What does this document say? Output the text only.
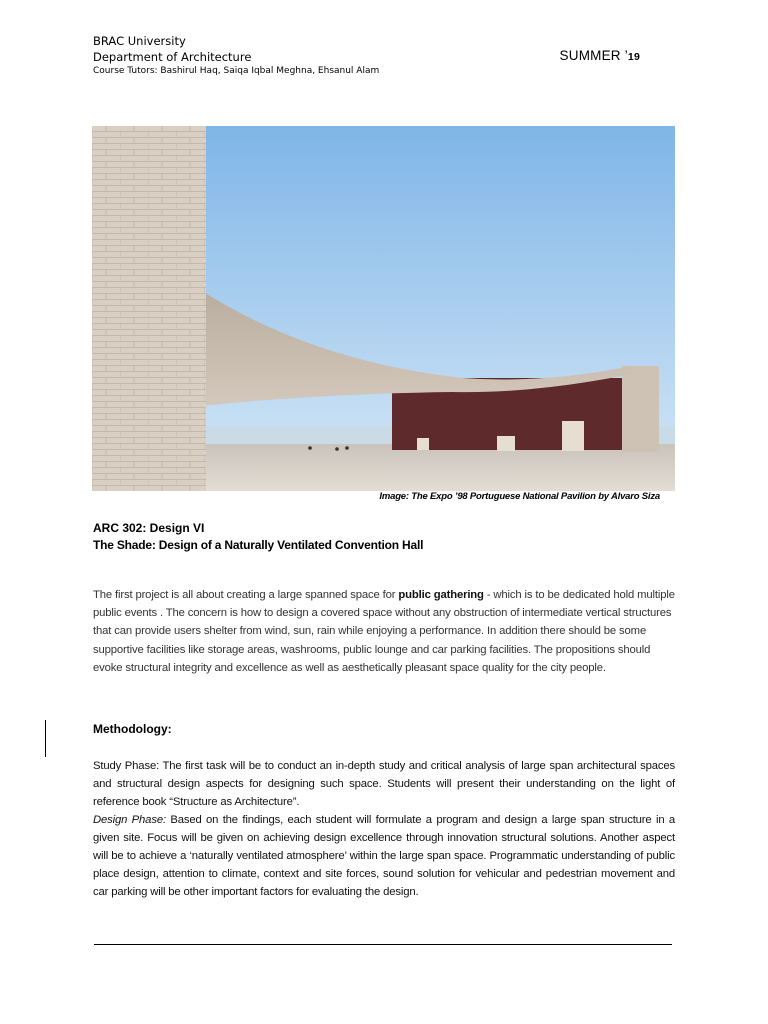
BRAC University
Department of Architecture
Course Tutors: Bashirul Haq, Saiqa Iqbal Meghna, Ehsanul Alam
SUMMER ’19
Image: The Expo ’98 Portuguese National Pavilion by Alvaro Siza
ARC 302: Design VI
The Shade: Design of a Naturally Ventilated Convention Hall
The first project is all about creating a large spanned space for public gathering - which is to be dedicated hold multiple public events . The concern is how to design a covered space without any obstruction of intermediate vertical structures that can provide users shelter from wind, sun, rain while enjoying a performance. In addition there should be some supportive facilities like storage areas, washrooms, public lounge and car parking facilities. The propositions should evoke structural integrity and excellence as well as aesthetically pleasant space quality for the city people.
Methodology:
Study Phase: The first task will be to conduct an in-depth study and critical analysis of large span architectural spaces and structural design aspects for designing such space. Students will present their understanding on the light of reference book “Structure as Architecture”.
Design Phase: Based on the findings, each student will formulate a program and design a large span structure in a given site. Focus will be given on achieving design excellence through innovation structural solutions. Another aspect will be to achieve a ‘naturally ventilated atmosphere’ within the large span space. Programmatic understanding of public place design, attention to climate, context and site forces, sound solution for vehicular and pedestrian movement and car parking will be other important factors for evaluating the design.
